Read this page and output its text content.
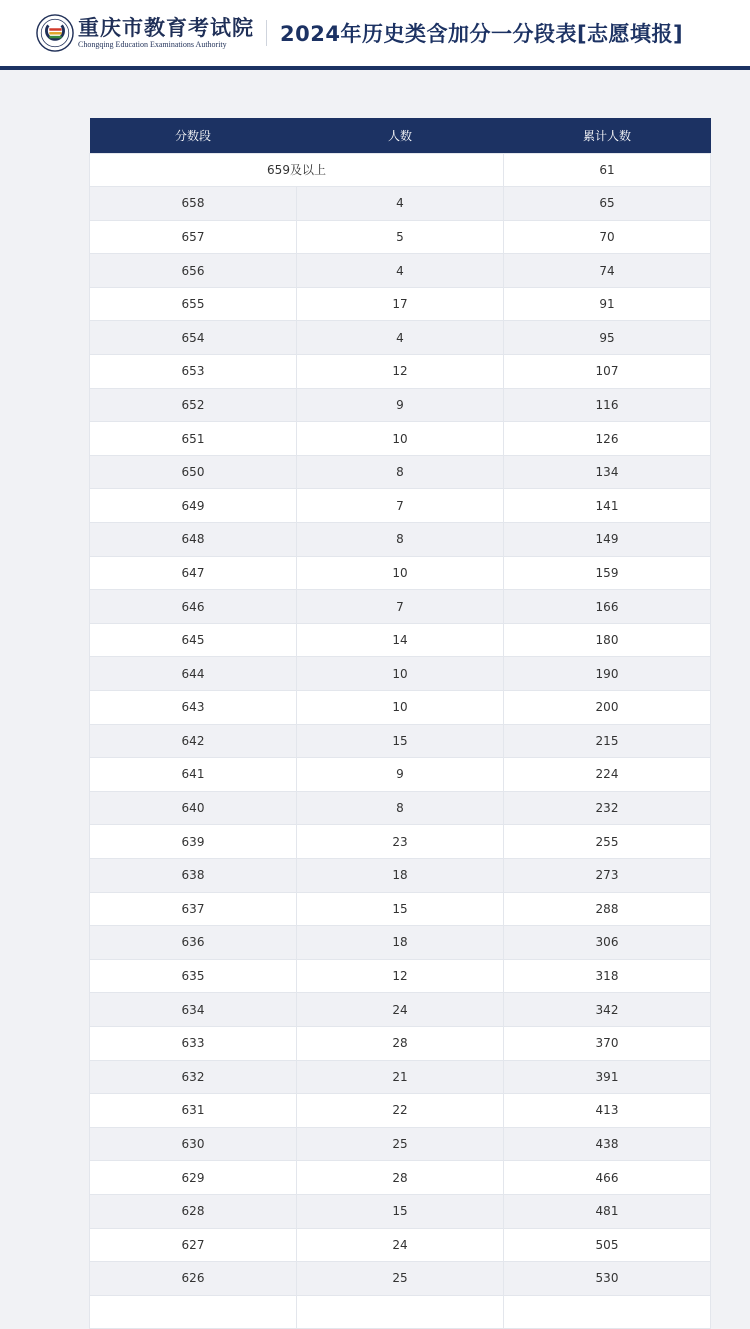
重庆市教育考试院
Chongqing Education Examinations Authority	2024年历史类含加分一分段表[志愿填报]
分数段	人数	累计人数
659及以上		61
658	4	65
657	5	70
656	4	74
655	17	91
654	4	95
653	12	107
652	9	116
651	10	126
650	8	134
649	7	141
648	8	149
647	10	159
646	7	166
645	14	180
644	10	190
643	10	200
642	15	215
641	9	224
640	8	232
639	23	255
638	18	273
637	15	288
636	18	306
635	12	318
634	24	342
633	28	370
632	21	391
631	22	413
630	25	438
629	28	466
628	15	481
627	24	505
626	25	530
